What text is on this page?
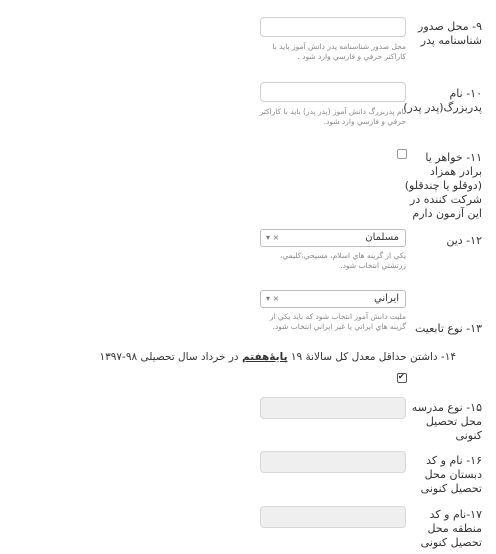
۹- محل صدور شناسنامه پدر
محل صدور شناسنامه پدر دانش آموز باید با کاراکتر حرفي و فارسي وارد شود .
۱۰- نام پدربزرگ(پدر پدر)
نام پدربزرگ دانش آموز (پدر پدر) باید با کاراکتر حرفي و فارسي وارد شود.
۱۱- خواهر یا برادر همزاد (دوقلو یا چندقلو) شرکت کننده در این آزمون دارم
۱۲- دین
مسلمان
▾ ×
يكي از گزینه هاي اسلام، مسیحي،کلیمي، زرتشتي انتخاب شود.
۱۳- نوع تابعیت
ایراني
▾ ×
مليت دانش آموز انتخاب شود که باید يكي از گزینه هاي ایراني یا غیر ایراني انتخاب شود.
۱۴- داشتن حداقل معدل کل سالانۀ ۱۹ پایۀهفتم در خرداد سال تحصیلی ۹۸-۱۳۹۷
✔
۱۵- نوع مدرسه محل تحصیل کنونی
۱۶- نام و کد دبستان محل تحصیل کنونی
۱۷-نام و کد منطقه محل تحصیل کنونی
